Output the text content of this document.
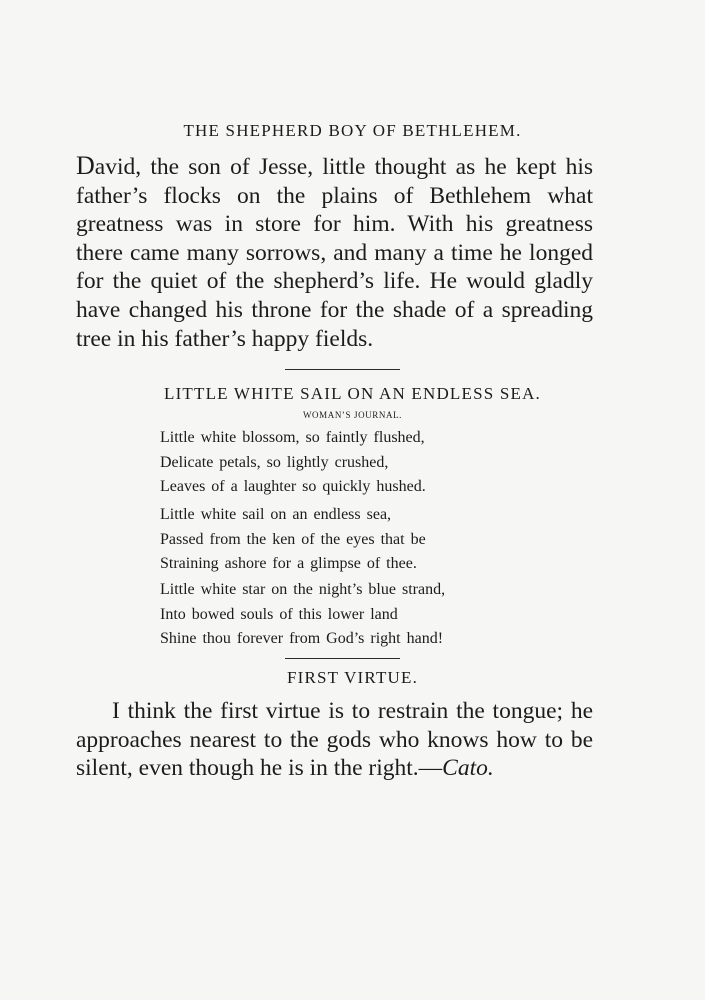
THE SHEPHERD BOY OF BETHLEHEM.

David, the son of Jesse, little thought as he kept his father’s flocks on the plains of Bethlehem what greatness was in store for him. With his greatness there came many sorrows, and many a time he longed for the quiet of the shepherd’s life. He would gladly have changed his throne for the shade of a spreading tree in his father’s happy fields.

LITTLE WHITE SAIL ON AN ENDLESS SEA.
WOMAN’S JOURNAL.
Little white blossom, so faintly flushed,
Delicate petals, so lightly crushed,
Leaves of a laughter so quickly hushed.
Little white sail on an endless sea,
Passed from the ken of the eyes that be
Straining ashore for a glimpse of thee.
Little white star on the night’s blue strand,
Into bowed souls of this lower land
Shine thou forever from God’s right hand!
FIRST VIRTUE.

I think the first virtue is to restrain the tongue; he approaches nearest to the gods who knows how to be silent, even though he is in the right.—Cato.
